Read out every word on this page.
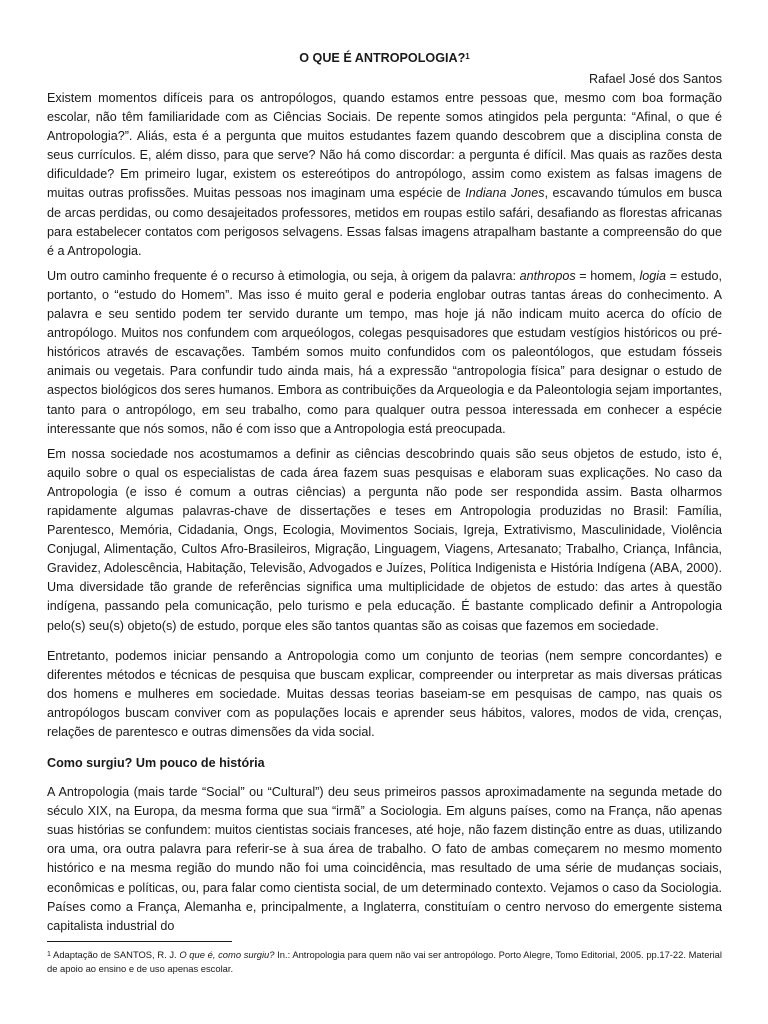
O QUE É ANTROPOLOGIA?$^1$

Rafael José dos Santos

Existem momentos difíceis para os antropólogos, quando estamos entre pessoas que, mesmo com boa formação escolar, não têm familiaridade com as Ciências Sociais. De repente somos atingidos pela pergunta: “Afinal, o que é Antropologia?”. Aliás, esta é a pergunta que muitos estudantes fazem quando descobrem que a disciplina consta de seus currículos. E, além disso, para que serve? Não há como discordar: a pergunta é difícil. Mas quais as razões desta dificuldade? Em primeiro lugar, existem os estereótipos do antropólogo, assim como existem as falsas imagens de muitas outras profissões. Muitas pessoas nos imaginam uma espécie de Indiana Jones, escavando túmulos em busca de arcas perdidas, ou como desajeitados professores, metidos em roupas estilo safári, desafiando as florestas africanas para estabelecer contatos com perigosos selvagens. Essas falsas imagens atrapalham bastante a compreensão do que é a Antropologia.

Um outro caminho frequente é o recurso à etimologia, ou seja, à origem da palavra: anthropos = homem, logia = estudo, portanto, o “estudo do Homem”. Mas isso é muito geral e poderia englobar outras tantas áreas do conhecimento. A palavra e seu sentido podem ter servido durante um tempo, mas hoje já não indicam muito acerca do ofício de antropólogo. Muitos nos confundem com arqueólogos, colegas pesquisadores que estudam vestígios históricos ou pré-históricos através de escavações. Também somos muito confundidos com os paleontólogos, que estudam fósseis animais ou vegetais. Para confundir tudo ainda mais, há a expressão “antropologia física” para designar o estudo de aspectos biológicos dos seres humanos. Embora as contribuições da Arqueologia e da Paleontologia sejam importantes, tanto para o antropólogo, em seu trabalho, como para qualquer outra pessoa interessada em conhecer a espécie interessante que nós somos, não é com isso que a Antropologia está preocupada.

Em nossa sociedade nos acostumamos a definir as ciências descobrindo quais são seus objetos de estudo, isto é, aquilo sobre o qual os especialistas de cada área fazem suas pesquisas e elaboram suas explicações. No caso da Antropologia (e isso é comum a outras ciências) a pergunta não pode ser respondida assim. Basta olharmos rapidamente algumas palavras-chave de dissertações e teses em Antropologia produzidas no Brasil: Família, Parentesco, Memória, Cidadania, Ongs, Ecologia, Movimentos Sociais, Igreja, Extrativismo, Masculinidade, Violência Conjugal, Alimentação, Cultos Afro-Brasileiros, Migração, Linguagem, Viagens, Artesanato; Trabalho, Criança, Infância, Gravidez, Adolescência, Habitação, Televisão, Advogados e Juízes, Política Indigenista e História Indígena (ABA, 2000). Uma diversidade tão grande de referências significa uma multiplicidade de objetos de estudo: das artes à questão indígena, passando pela comunicação, pelo turismo e pela educação. É bastante complicado definir a Antropologia pelo(s) seu(s) objeto(s) de estudo, porque eles são tantos quantas são as coisas que fazemos em sociedade.

Entretanto, podemos iniciar pensando a Antropologia como um conjunto de teorias (nem sempre concordantes) e diferentes métodos e técnicas de pesquisa que buscam explicar, compreender ou interpretar as mais diversas práticas dos homens e mulheres em sociedade. Muitas dessas teorias baseiam-se em pesquisas de campo, nas quais os antropólogos buscam conviver com as populações locais e aprender seus hábitos, valores, modos de vida, crenças, relações de parentesco e outras dimensões da vida social.

Como surgiu? Um pouco de história

A Antropologia (mais tarde “Social” ou “Cultural”) deu seus primeiros passos aproximadamente na segunda metade do século XIX, na Europa, da mesma forma que sua “irmã” a Sociologia. Em alguns países, como na França, não apenas suas histórias se confundem: muitos cientistas sociais franceses, até hoje, não fazem distinção entre as duas, utilizando ora uma, ora outra palavra para referir-se à sua área de trabalho. O fato de ambas começarem no mesmo momento histórico e na mesma região do mundo não foi uma coincidência, mas resultado de uma série de mudanças sociais, econômicas e políticas, ou, para falar como cientista social, de um determinado contexto. Vejamos o caso da Sociologia. Países como a França, Alemanha e, principalmente, a Inglaterra, constituíam o centro nervoso do emergente sistema capitalista industrial do

$^1$ Adaptação de SANTOS, R. J. O que é, como surgiu? In.: Antropologia para quem não vai ser antropólogo. Porto Alegre, Tomo Editorial, 2005. pp.17-22. Material de apoio ao ensino e de uso apenas escolar.
